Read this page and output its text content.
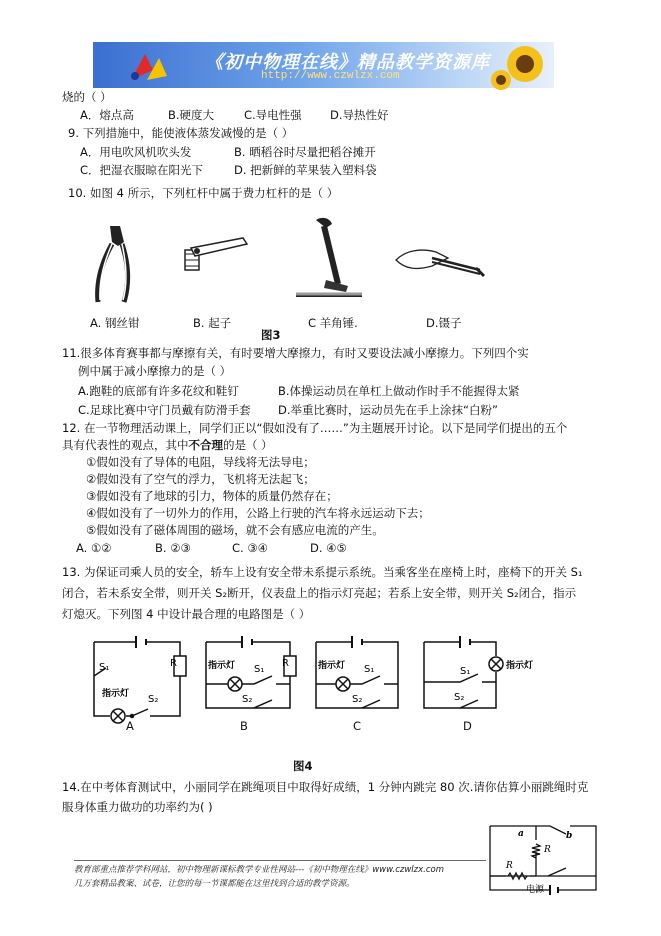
《初中物理在线》精品教学资源库
http://www.czwlzx.com
烧的（ ）
A．熔点高	B.硬度大	C.导电性强 D.导热性好
9. 下列措施中，能使液体蒸发减慢的是（ ）
A．用电吹风机吹头发	B. 晒稻谷时尽量把稻谷摊开
C．把湿衣服晾在阳光下	D. 把新鲜的苹果装入塑料袋
10. 如图 4 所示，下列杠杆中属于费力杠杆的是（ ）
A. 钢丝钳	B. 起子	C 羊角锤.	D.镊子
图3
11.很多体育赛事都与摩擦有关，有时要增大摩擦力，有时又要设法减小摩擦力。下列四个实
例中属于减小摩擦力的是（ ）
A.跑鞋的底部有许多花纹和鞋钉	B.体操运动员在单杠上做动作时手不能握得太紧
C.足球比赛中守门员戴有防滑手套 D.举重比赛时，运动员先在手上涂抹“白粉”
12. 在一节物理活动课上，同学们正以“假如没有了……”为主题展开讨论。以下是同学们提出的五个
具有代表性的观点，其中不合理的是（ ）
①假如没有了导体的电阻，导线将无法导电；
②假如没有了空气的浮力，飞机将无法起飞；
③假如没有了地球的引力，物体的质量仍然存在；
④假如没有了一切外力的作用，公路上行驶的汽车将永远运动下去；
⑤假如没有了磁体周围的磁场，就不会有感应电流的产生。
A. ①②	B. ②③	C. ③④	D. ④⑤
13. 为保证司乘人员的安全，轿车上设有安全带未系提示系统。当乘客坐在座椅上时，座椅下的开关 S₁
闭合，若未系安全带，则开关 S₂断开，仪表盘上的指示灯亮起；若系上安全带，则开关 S₂闭合，指示
灯熄灭。下列图 4 中设计最合理的电路图是（ ）
S₁	R
指示灯 S₂
A
指示灯 S₁
R
S₂
B
指示灯 S₁
S₂
C
指示灯
S₁
S₂
D
图4
14.在中考体育测试中，小丽同学在跳绳项目中取得好成绩，1 分钟内跳完 80 次.请你估算小丽跳绳时克
服身体重力做功的功率约为( )
a	b
R
R
电源
教育部重点推荐学科网站，初中物理新课标教学专业性网站---《初中物理在线》www.czwlzx.com
几万套精品教案、试卷，让您的每一节课都能在这里找到合适的教学资源。
